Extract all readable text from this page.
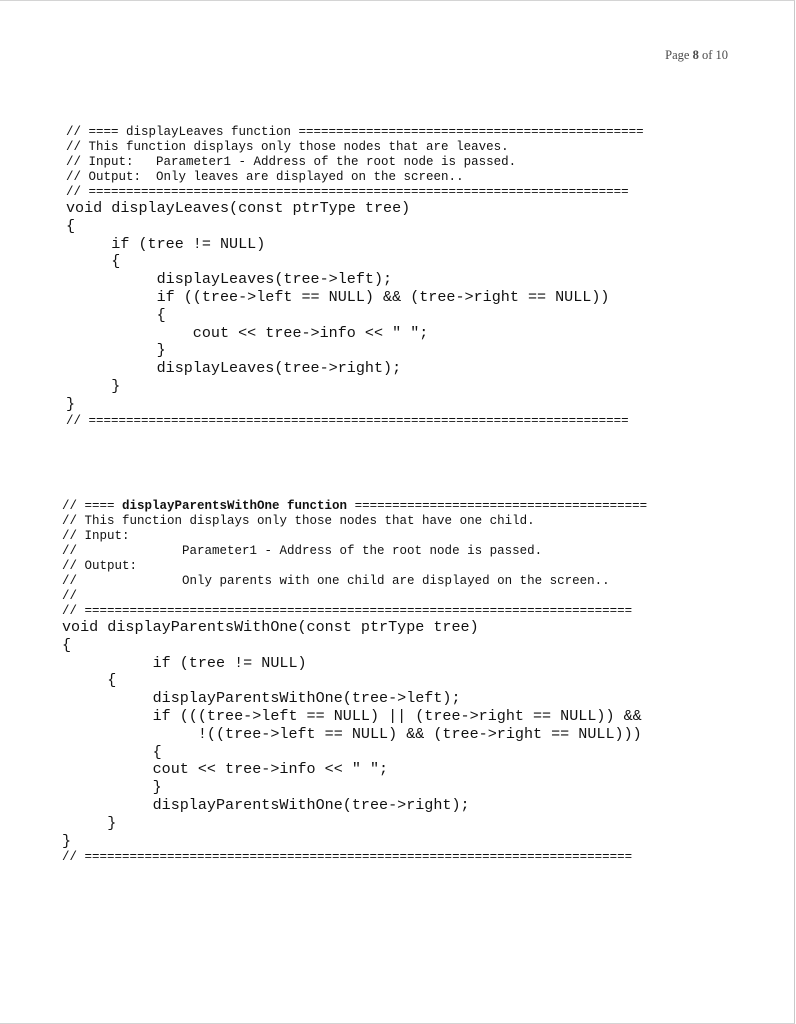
Page 8 of 10
// ==== displayLeaves function ==============================================
// This function displays only those nodes that are leaves.
// Input:   Parameter1 - Address of the root node is passed.
// Output:  Only leaves are displayed on the screen..
// ========================================================================
void displayLeaves(const ptrType tree)
{
if (tree != NULL)
{
displayLeaves(tree->left);
if ((tree->left == NULL) && (tree->right == NULL))
{
cout << tree->info << " ";
}
displayLeaves(tree->right);
}
}
// ========================================================================
// ==== displayParentsWithOne function =======================================
// This function displays only those nodes that have one child.
// Input:
//              Parameter1 - Address of the root node is passed.
// Output:
//              Only parents with one child are displayed on the screen..
//
// =========================================================================
void displayParentsWithOne(const ptrType tree)
{
if (tree != NULL)
{
displayParentsWithOne(tree->left);
if (((tree->left == NULL) || (tree->right == NULL)) &&
!((tree->left == NULL) && (tree->right == NULL)))
{
cout << tree->info << " ";
}
displayParentsWithOne(tree->right);
}
}
// =========================================================================
